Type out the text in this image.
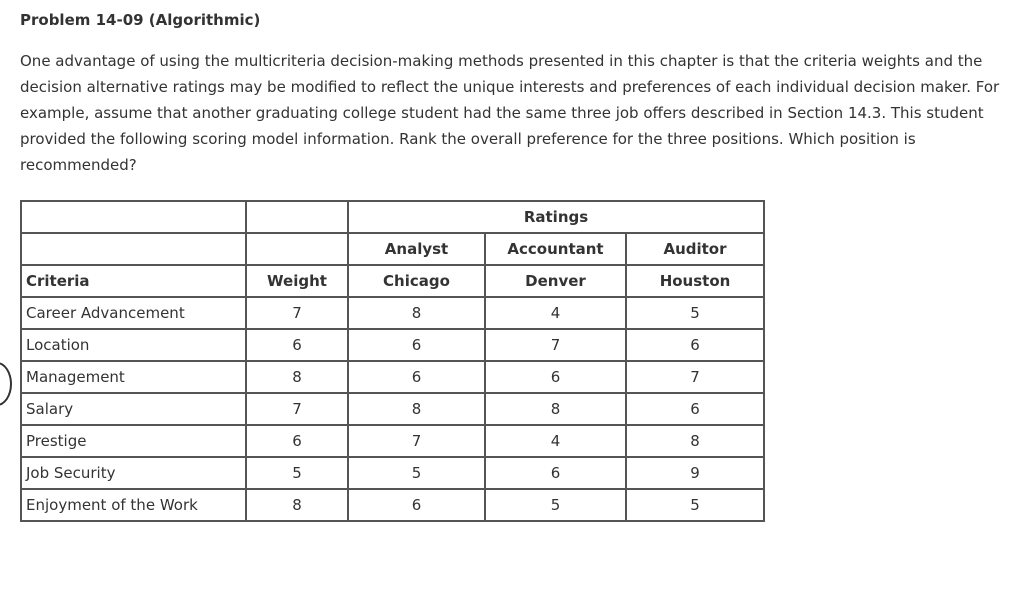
Problem 14-09 (Algorithmic)
One advantage of using the multicriteria decision-making methods presented in this chapter is that the criteria weights and the decision alternative ratings may be modified to reflect the unique interests and preferences of each individual decision maker. For example, assume that another graduating college student had the same three job offers described in Section 14.3. This student provided the following scoring model information. Rank the overall preference for the three positions. Which position is recommended?
		Ratings		
		Analyst	Accountant	Auditor
Criteria	Weight	Chicago	Denver	Houston
Career Advancement	7	8	4	5
Location	6	6	7	6
Management	8	6	6	7
Salary	7	8	8	6
Prestige	6	7	4	8
Job Security	5	5	6	9
Enjoyment of the Work	8	6	5	5
